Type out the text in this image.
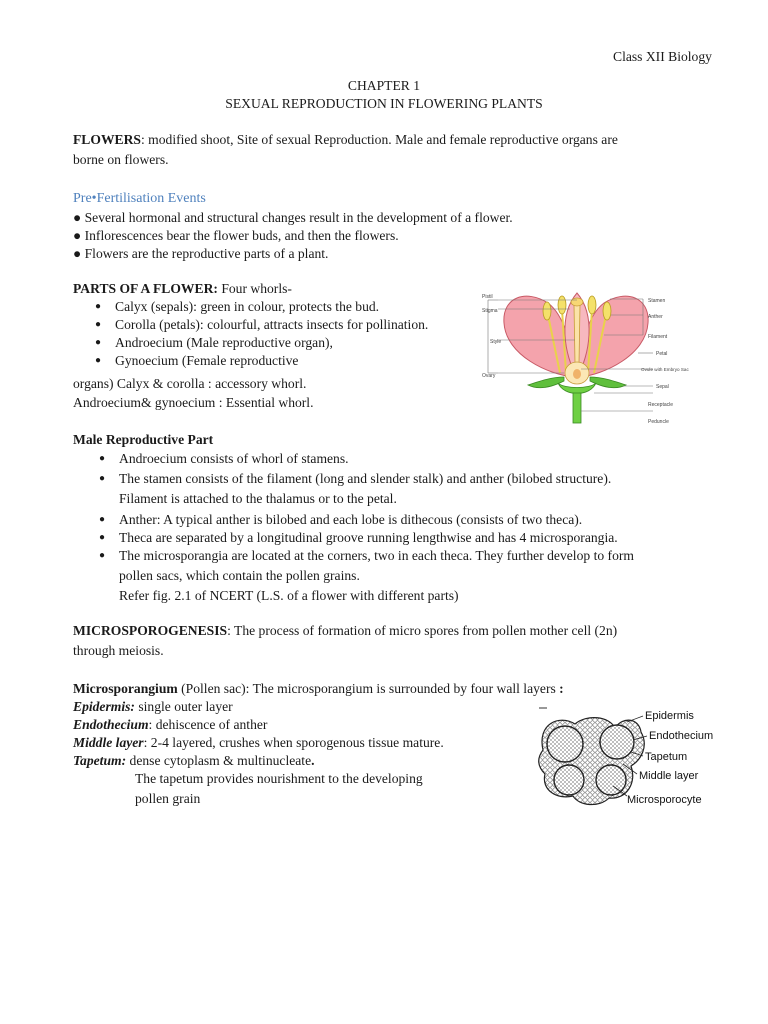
Class XII Biology
CHAPTER 1
SEXUAL REPRODUCTION IN FLOWERING PLANTS
FLOWERS: modified shoot, Site of sexual Reproduction. Male and female reproductive organs are
borne on flowers.
Pre•Fertilisation Events
● Several hormonal and structural changes result in the development of a flower.
● Inflorescences bear the flower buds, and then the flowers.
● Flowers are the reproductive parts of a plant.
PARTS OF A FLOWER: Four whorls-
● Calyx (sepals): green in colour, protects the bud.
● Corolla (petals): colourful, attracts insects for pollination.
● Androecium (Male reproductive organ),
● Gynoecium (Female reproductive
organs) Calyx & corolla : accessory whorl.
Androecium& gynoecium : Essential whorl.
Pistil
Stigma
Style
Ovary
Stamen
Anther
Filament
Petal
Ovule with Embryo Sac
Sepal
Receptacle
Peduncle
Male Reproductive Part
● Androecium consists of whorl of stamens.
● The stamen consists of the filament (long and slender stalk) and anther (bilobed structure).
Filament is attached to the thalamus or to the petal.
● Anther: A typical anther is bilobed and each lobe is dithecous (consists of two theca).
● Theca are separated by a longitudinal groove running lengthwise and has 4 microsporangia.
● The microsporangia are located at the corners, two in each theca. They further develop to form
pollen sacs, which contain the pollen grains.
Refer fig. 2.1 of NCERT (L.S. of a flower with different parts)
MICROSPOROGENESIS: The process of formation of micro spores from pollen mother cell (2n)
through meiosis.
Microsporangium (Pollen sac): The microsporangium is surrounded by four wall layers :
Epidermis: single outer layer
Endothecium: dehiscence of anther
Middle layer: 2-4 layered, crushes when sporogenous tissue mature.
Tapetum: dense cytoplasm & multinucleate.
The tapetum provides nourishment to the developing
pollen grain
Epidermis
Endothecium
Tapetum
Middle layer
Microsporocyte
